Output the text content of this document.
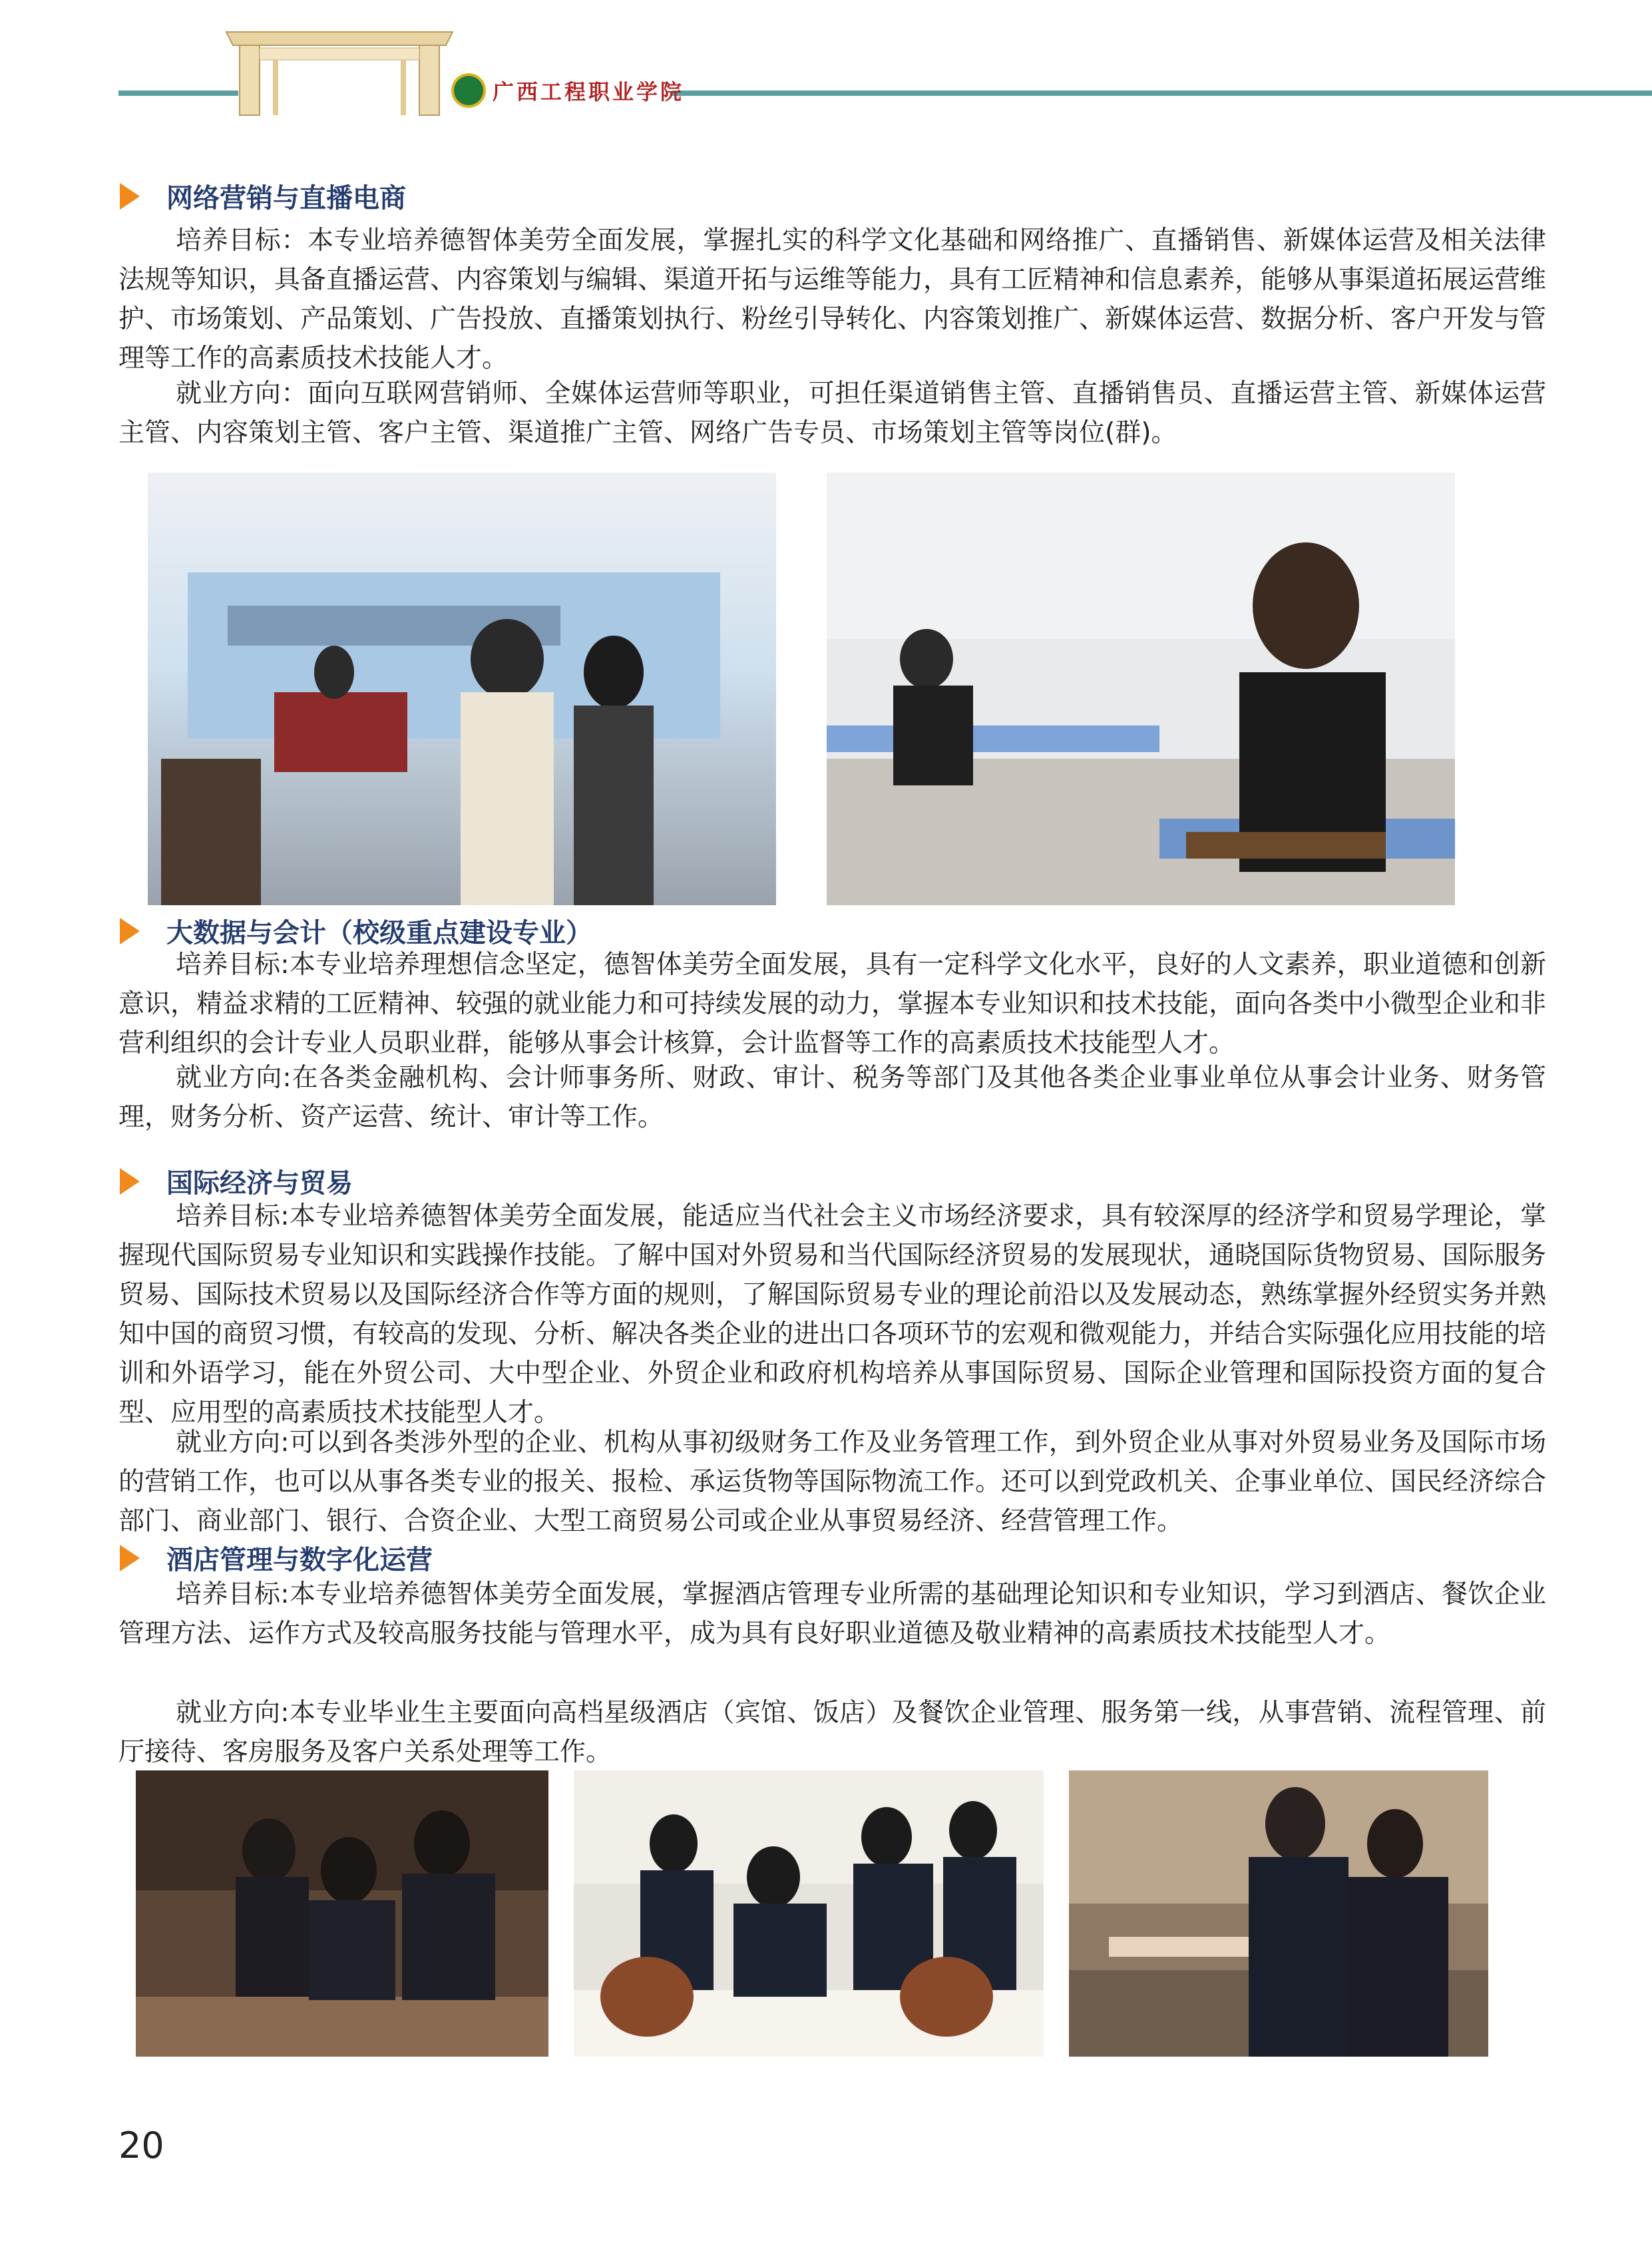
广西工程职业学院
网络营销与直播电商

培养目标：本专业培养德智体美劳全面发展，掌握扎实的科学文化基础和网络推广、直播销售、新媒体运营及相关法律法规等知识，具备直播运营、内容策划与编辑、渠道开拓与运维等能力，具有工匠精神和信息素养，能够从事渠道拓展运营维护、市场策划、产品策划、广告投放、直播策划执行、粉丝引导转化、内容策划推广、新媒体运营、数据分析、客户开发与管理等工作的高素质技术技能人才。

就业方向：面向互联网营销师、全媒体运营师等职业，可担任渠道销售主管、直播销售员、直播运营主管、新媒体运营主管、内容策划主管、客户主管、渠道推广主管、网络广告专员、市场策划主管等岗位(群)。

大数据与会计（校级重点建设专业）

培养目标:本专业培养理想信念坚定，德智体美劳全面发展，具有一定科学文化水平，良好的人文素养，职业道德和创新意识，精益求精的工匠精神、较强的就业能力和可持续发展的动力，掌握本专业知识和技术技能，面向各类中小微型企业和非营利组织的会计专业人员职业群，能够从事会计核算，会计监督等工作的高素质技术技能型人才。

就业方向:在各类金融机构、会计师事务所、财政、审计、税务等部门及其他各类企业事业单位从事会计业务、财务管理，财务分析、资产运营、统计、审计等工作。

国际经济与贸易

培养目标:本专业培养德智体美劳全面发展，能适应当代社会主义市场经济要求，具有较深厚的经济学和贸易学理论，掌握现代国际贸易专业知识和实践操作技能。了解中国对外贸易和当代国际经济贸易的发展现状，通晓国际货物贸易、国际服务贸易、国际技术贸易以及国际经济合作等方面的规则，了解国际贸易专业的理论前沿以及发展动态，熟练掌握外经贸实务并熟知中国的商贸习惯，有较高的发现、分析、解决各类企业的进出口各项环节的宏观和微观能力，并结合实际强化应用技能的培训和外语学习，能在外贸公司、大中型企业、外贸企业和政府机构培养从事国际贸易、国际企业管理和国际投资方面的复合型、应用型的高素质技术技能型人才。

就业方向:可以到各类涉外型的企业、机构从事初级财务工作及业务管理工作，到外贸企业从事对外贸易业务及国际市场的营销工作，也可以从事各类专业的报关、报检、承运货物等国际物流工作。还可以到党政机关、企事业单位、国民经济综合部门、商业部门、银行、合资企业、大型工商贸易公司或企业从事贸易经济、经营管理工作。

酒店管理与数字化运营

培养目标:本专业培养德智体美劳全面发展，掌握酒店管理专业所需的基础理论知识和专业知识，学习到酒店、餐饮企业管理方法、运作方式及较高服务技能与管理水平，成为具有良好职业道德及敬业精神的高素质技术技能型人才。

就业方向:本专业毕业生主要面向高档星级酒店（宾馆、饭店）及餐饮企业管理、服务第一线，从事营销、流程管理、前厅接待、客房服务及客户关系处理等工作。

20
